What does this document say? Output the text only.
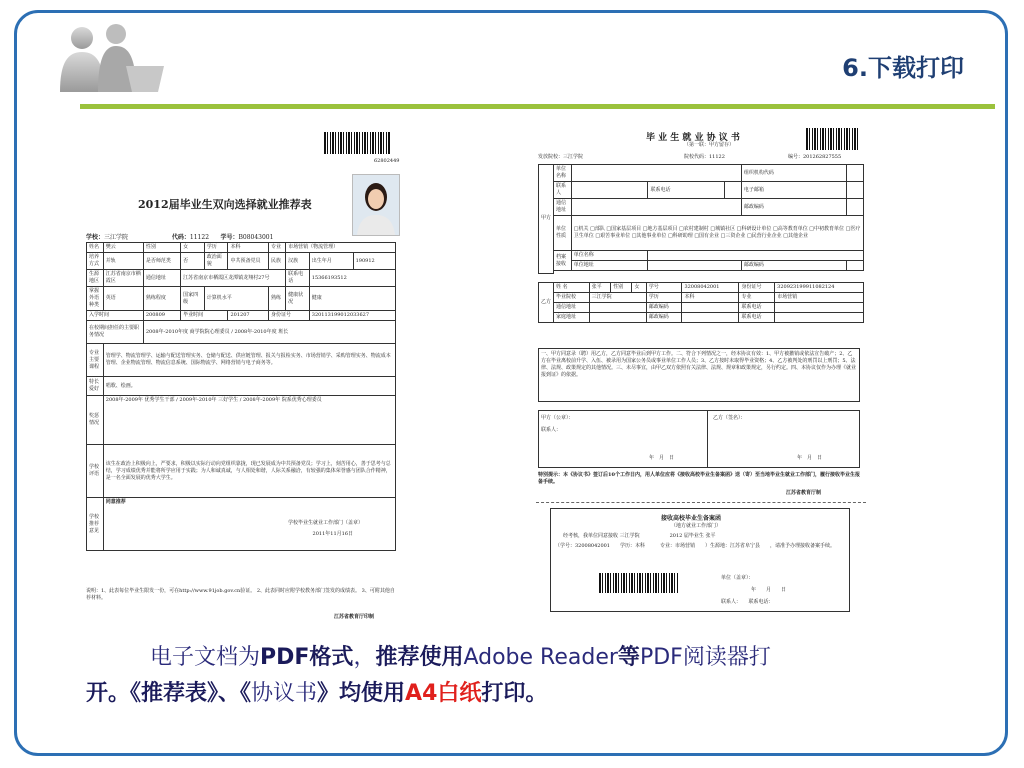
6.下载打印
62802449
2012届毕业生双向选择就业推荐表
学校：三江学院	代码：11122 学号：B08043001
姓名	樊云	性别	女	学历	本科	专业	市场营销（物流管理）		
培养方式	并轨	是否师范类	否	政治面貌	中共预备党员	民族	汉族	出生年月	190912
生源地区	江苏省南京市栖霞区	通信地址	江苏省南京市栖霞区龙潭镇龙翔村27号				联系电话	15366193512	
掌握外语种类	英语	熟练程度	国家四级	计算机水平		熟练	健康状况	健康	
入学时间		200809	毕业时间		201207	身份证号		320113199012033627	
在校期间担任的主要职务情况		2008年-2010年度 商学院院心理委员 / 2008年-2010年度 班长							
专业主要课程	管理学、物流管理学、运输与配送管理实务、仓储与配送、供应链管理、报关与报检实务、市场营销学、采购管理实务、物流成本管理、企业物流管理、物流信息系统、国际物流学、网络营销与电子商务等。								
特长爱好	唱歌、绘画。								
奖惩情况	2008年-2009年 优秀学生干部 / 2009年-2010年 三好学生 / 2008年-2009年 院系优秀心理委员								
学校评语	该生在政治上积极向上，严要求，积极以实际行动向党组织靠拢，现已发展成为中共预备党员；学习上，刻苦用心，善于思考与总结，学习成绩优秀并能将所学应用于实践；为人和诚真诚，与人相处和谐，人际关系融洽，有较强的集体荣誉感与团队合作精神，是一名全面发展的优秀大学生。								
学校推荐意见	同意推荐
学校毕业生就业工作部门（盖章）
2011年11月16日								
说明：1、此表每位毕业生限发一份，可在http://www.91job.gov.cn验证。 2、此表同时应附学校教务部门签发的成绩表。 3、可附其他自荐材料。
江苏省教育厅印制
毕 业 生 就 业 协 议 书
（第一联：甲方留存）
发放院校：三江学院	院校代码：11122	编号：201262827555
甲方	单位名称				组织机构代码	
	联系人		联系电话		电子邮箱	
	通信地址				邮政编码	
	单位性质	□机关 □部队 □国家基层项目 □地方基层项目 □农村建制村 □城镇社区 □科研设计单位 □高等教育单位 □中初教育单位 □医疗卫生单位 □艰苦事业单位 □其他事业单位 □科研助理 □国有企业 □三资企业 □民营行业企业 □其他企业				
	档案接收	单位名称				
		单位地址			邮政编码	

乙方	姓 名	张平	性别	女	学号	32008042001	身份证号	320923199911082124
	毕业院校	三江学院			学历	本科	专业	市场营销
	通信地址				邮政编码		联系电话	
	家庭地址				邮政编码		联系电话	
一、甲方同意录（聘）用乙方，乙方同意毕业后到甲方工作。二、符合下列情况之一，经本协议有效：1、甲方被撤销或依法宣告破产；2、乙方在毕业离校前升学、入伍、被录用为国家公务员或事业单位工作人员；3、乙方按时未取得毕业资格；4、乙方被判处的刑罚以上刑罚；5、法律、法规、政策规定的其他情况。三、未尽事宜，由甲乙双方依照有关法律、法规、规章和政策规定，另行约定。四、本协议仅作为办理《就业报到证》的依据。
甲方（公章）：
联系人：
年　月　日
乙方（签名）：
年　月　日
特别提示：本《协议书》签订后10个工作日内，用人单位应将《接收高校毕业生备案函》送（寄）至当地毕业生就业工作部门，履行接收毕业生报备手续。
江苏省教育厅制
接收高校毕业生备案函
（地方就业工作部门）
经考核，我单位同意接收 三江学院　　　　　　2012 届毕业生 张平
（学号：32008042001　　学历：本科　　　专业：市场营销　　）生源地：江苏省阜宁县　　，请准予办理接收备案手续。
单位（盖章）：
年　　月　　日
联系人：　　联系电话：
电子文档为PDF格式，推荐使用Adobe Reader等PDF阅读器打
开。《推荐表》、《协议书》均使用A4白纸打印。
